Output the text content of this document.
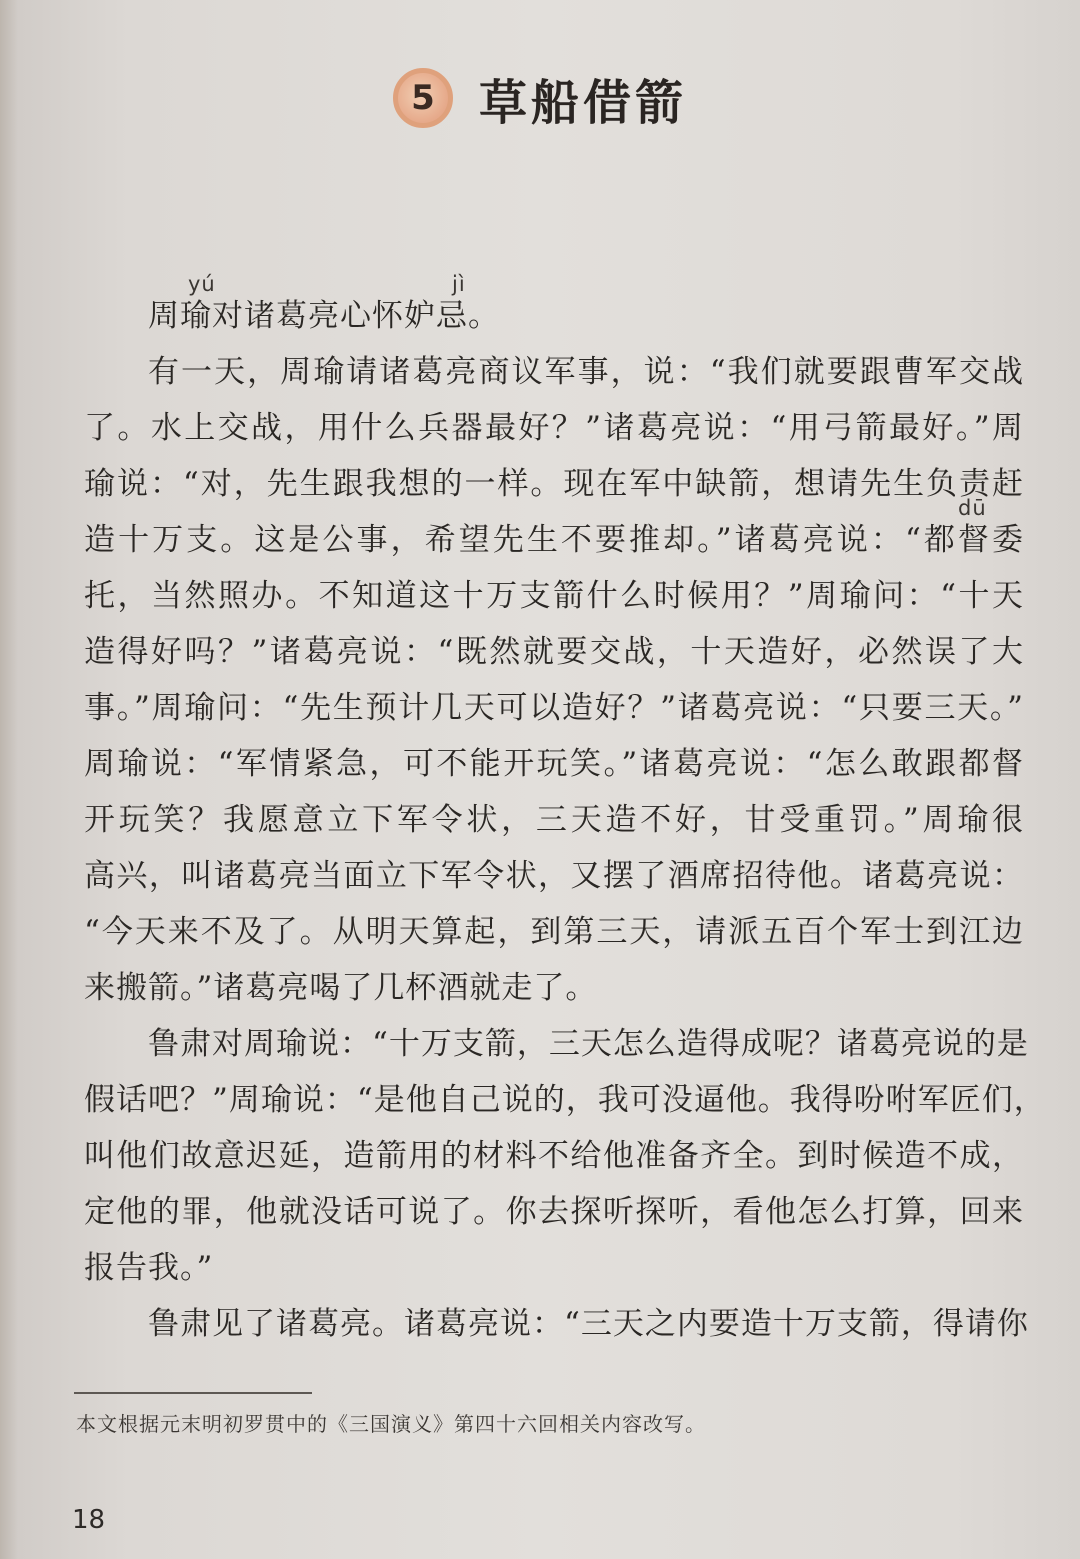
5 草船借箭
yú	jì
周瑜对诸葛亮心怀妒忌。
有一天，周瑜请诸葛亮商议军事，说：“我们就要跟曹军交战
了。水上交战，用什么兵器最好？”诸葛亮说：“用弓箭最好。”周
dū
瑜说：“对，先生跟我想的一样。现在军中缺箭，想请先生负责赶
造十万支。这是公事，希望先生不要推却。”诸葛亮说：“都督委
托，当然照办。不知道这十万支箭什么时候用？”周瑜问：“十天
造得好吗？”诸葛亮说：“既然就要交战，十天造好，必然误了大
事。”周瑜问：“先生预计几天可以造好？”诸葛亮说：“只要三天。”
周瑜说：“军情紧急，可不能开玩笑。”诸葛亮说：“怎么敢跟都督
开玩笑？我愿意立下军令状，三天造不好，甘受重罚。”周瑜很
高兴，叫诸葛亮当面立下军令状，又摆了酒席招待他。诸葛亮说：
“今天来不及了。从明天算起，到第三天，请派五百个军士到江边
来搬箭。”诸葛亮喝了几杯酒就走了。
鲁肃对周瑜说：“十万支箭，三天怎么造得成呢？诸葛亮说的是
假话吧？”周瑜说：“是他自己说的，我可没逼他。我得吩咐军匠们，
叫他们故意迟延，造箭用的材料不给他准备齐全。到时候造不成，
定他的罪，他就没话可说了。你去探听探听，看他怎么打算，回来
报告我。”
鲁肃见了诸葛亮。诸葛亮说：“三天之内要造十万支箭，得请你
本文根据元末明初罗贯中的《三国演义》第四十六回相关内容改写。
18
